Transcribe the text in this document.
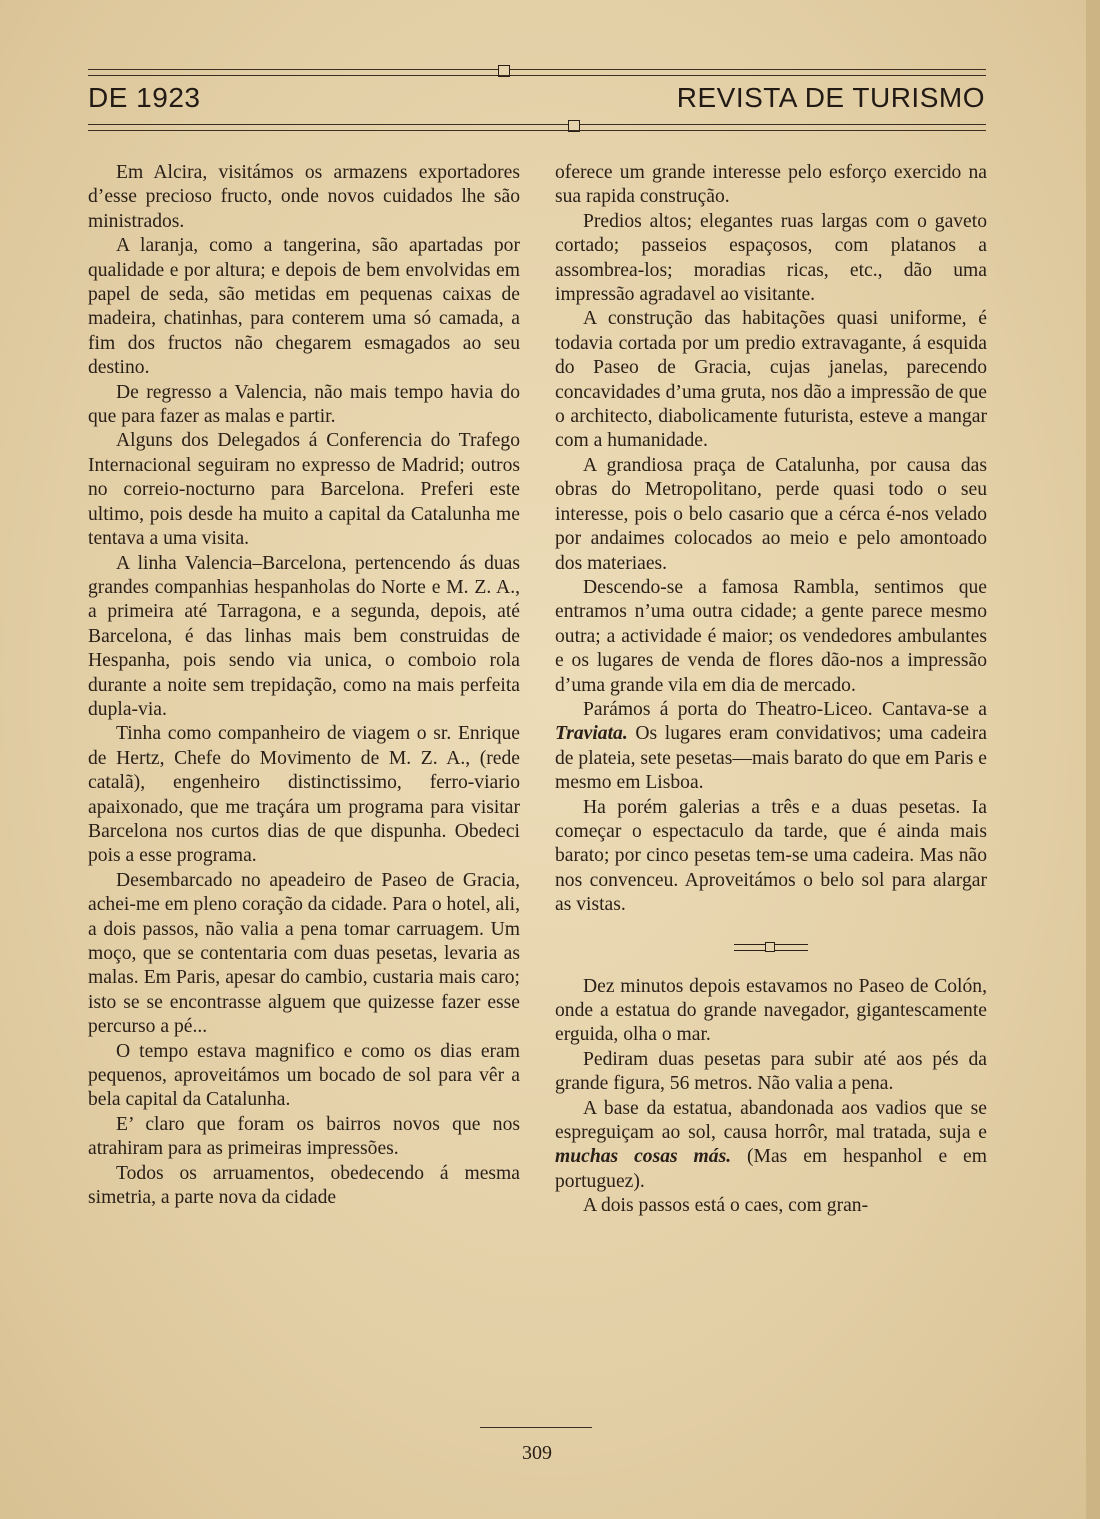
DE 1923	REVISTA DE TURISMO

Em Alcira, visitámos os armazens exportadores d’esse precioso fructo, onde novos cuidados lhe são ministrados.

A laranja, como a tangerina, são apartadas por qualidade e por altura; e depois de bem envolvidas em papel de seda, são metidas em pequenas caixas de madeira, chatinhas, para conterem uma só camada, a fim dos fructos não chegarem esmagados ao seu destino.

De regresso a Valencia, não mais tempo havia do que para fazer as malas e partir.

Alguns dos Delegados á Conferencia do Trafego Internacional seguiram no expresso de Madrid; outros no correio-nocturno para Barcelona. Preferi este ultimo, pois desde ha muito a capital da Catalunha me tentava a uma visita.

A linha Valencia–Barcelona, pertencendo ás duas grandes companhias hespanholas do Norte e M. Z. A., a primeira até Tarragona, e a segunda, depois, até Barcelona, é das linhas mais bem construidas de Hespanha, pois sendo via unica, o comboio rola durante a noite sem trepidação, como na mais perfeita dupla-via.

Tinha como companheiro de viagem o sr. Enrique de Hertz, Chefe do Movimento de M. Z. A., (rede catalã), engenheiro distinctissimo, ferro-viario apaixonado, que me traçára um programa para visitar Barcelona nos curtos dias de que dispunha. Obedeci pois a esse programa.

Desembarcado no apeadeiro de Paseo de Gracia, achei-me em pleno coração da cidade. Para o hotel, ali, a dois passos, não valia a pena tomar carruagem. Um moço, que se contentaria com duas pesetas, levaria as malas. Em Paris, apesar do cambio, custaria mais caro; isto se se encontrasse alguem que quizesse fazer esse percurso a pé...

O tempo estava magnifico e como os dias eram pequenos, aproveitámos um bocado de sol para vêr a bela capital da Catalunha.

E’ claro que foram os bairros novos que nos atrahiram para as primeiras impressões.

Todos os arruamentos, obedecendo á mesma simetria, a parte nova da cidade

oferece um grande interesse pelo esforço exercido na sua rapida construção.

Predios altos; elegantes ruas largas com o gaveto cortado; passeios espaçosos, com platanos a assombrea-los; moradias ricas, etc., dão uma impressão agradavel ao visitante.

A construção das habitações quasi uniforme, é todavia cortada por um predio extravagante, á esquida do Paseo de Gracia, cujas janelas, parecendo concavidades d’uma gruta, nos dão a impressão de que o architecto, diabolicamente futurista, esteve a mangar com a humanidade.

A grandiosa praça de Catalunha, por causa das obras do Metropolitano, perde quasi todo o seu interesse, pois o belo casario que a cérca é-nos velado por andaimes colocados ao meio e pelo amontoado dos materiaes.

Descendo-se a famosa Rambla, sentimos que entramos n’uma outra cidade; a gente parece mesmo outra; a actividade é maior; os vendedores ambulantes e os lugares de venda de flores dão-nos a impressão d’uma grande vila em dia de mercado.

Parámos á porta do Theatro-Liceo. Cantava-se a Traviata. Os lugares eram convidativos; uma cadeira de plateia, sete pesetas—mais barato do que em Paris e mesmo em Lisboa.

Ha porém galerias a três e a duas pesetas. Ia começar o espectaculo da tarde, que é ainda mais barato; por cinco pesetas tem-se uma cadeira. Mas não nos convenceu. Aproveitámos o belo sol para alargar as vistas.

Dez minutos depois estavamos no Paseo de Colón, onde a estatua do grande navegador, gigantescamente erguida, olha o mar.

Pediram duas pesetas para subir até aos pés da grande figura, 56 metros. Não valia a pena.

A base da estatua, abandonada aos vadios que se espreguiçam ao sol, causa horrôr, mal tratada, suja e muchas cosas más. (Mas em hespanhol e em portuguez).

A dois passos está o caes, com gran-

309
